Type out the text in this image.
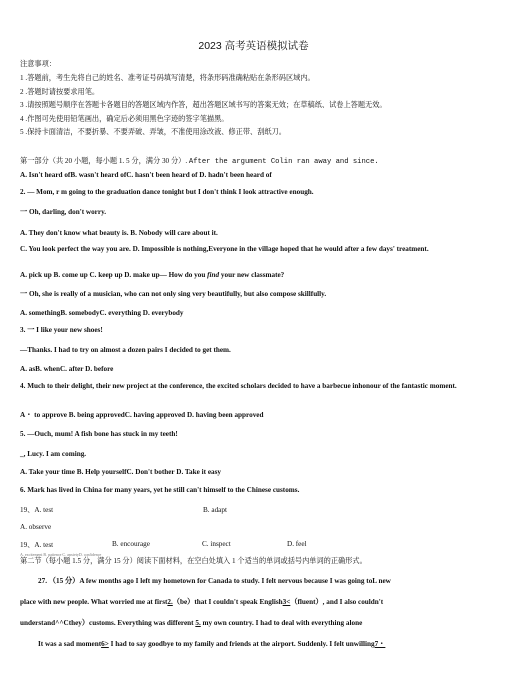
2023 高考英语模拟试卷
注意事项：
1 .答题前，考生先将自己的姓名、准考证号码填写清楚，将条形码准确粘贴在条形码区域内。
2 .答题时请按要求用笔。
3 .请按照题号顺序在答题卡各题目的答题区域内作答，超出答题区域书写的答案无效；在草稿纸、试卷上答题无效。
4 .作图可先使用铅笔画出，确定后必须用黑色字迹的签字笔描黑。
5 .保持卡面清洁，不要折暴、不要弄破、弄皱，不准使用涂改液、修正带、刮纸刀。
第一部分（共 20 小题，每小题 1. 5 分，满分 30 分）. After the argument Colin ran away and since.
A. Isn't heard ofB. wasn't heard ofC. hasn't been heard of D. hadn't been heard of
2. — Mom, r m going to the graduation dance tonight but I don't think I look attractive enough.
一 Oh, darling, don't worry.
A. They don't know what beauty is. B. Nobody will care about it.
C. You look perfect the way you are. D. Impossible is nothing,Everyone in the village hoped that he would after a few days' treatment.
A. pick up B. come up C. keep up D. make up— How do you find your new classmate?
一 Oh, she is really of a musician, who can not only sing very beautifully, but also compose skillfully.
A. somethingB. somebodyC. everything D. everybody
3. 一 I like your new shoes!
—Thanks. I had to try on almost a dozen pairs I decided to get them.
A. asB. whenC. after D. before
4. Much to their delight, their new project at the conference, the excited scholars decided to have a barbecue inhonour of the fantastic moment.
A・ to approve B. being approvedC. having approved D. having been approved
5. —Ouch, mum! A fish bone has stuck in my teeth!
_, Lucy. I am coming.
A. Take your time B. Help yourselfC. Don't bother D. Take it easy
6. Mark has lived in China for many years, yet he still can't himself to the Chinese customs.
19、A. test	B. adapt
A. observe
19、A. test	B. encourage	C. inspect	D. feel
A. excitement B. patience C. anxietyD. confidence
第二节（每小题 1.5 分，满分 15 分）阅读下面材料，在空白处填入 1 个适当的单词或括号内单词的正确形式。
27. （15 分）A few months ago I left my hometown for Canada to study. I felt nervous because I was going toL new
place with new people. What worried me at first2.（be）that I couldn't speak English3<（fluent）, and I also couldn't
understand^^Cthey）customs. Everything was different 5. my own country. I had to deal with everything alone
It was a sad moment6> I had to say goodbye to my family and friends at the airport. Suddenly. I felt unwilling7・
